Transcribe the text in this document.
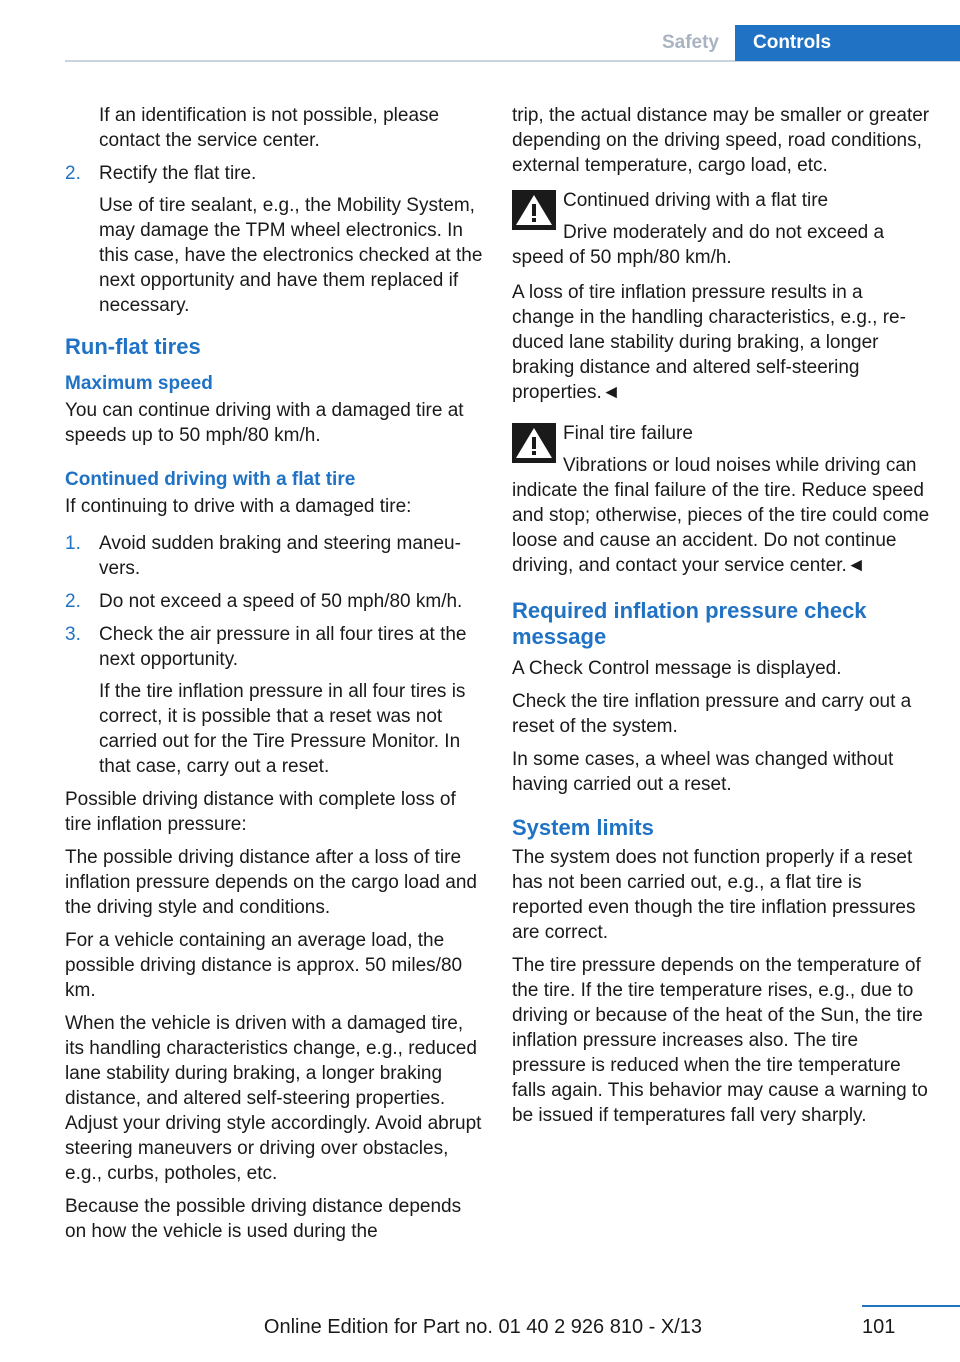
Safety	Controls

If an identification is not possible, please contact the service center.

2. Rectify the flat tire.

Use of tire sealant, e.g., the Mobility System, may damage the TPM wheel electronics. In this case, have the electronics checked at the next opportunity and have them replaced if necessary.

Run-flat tires
Maximum speed

You can continue driving with a damaged tire at speeds up to 50 mph/80 km/h.

Continued driving with a flat tire

If continuing to drive with a damaged tire:

1. Avoid sudden braking and steering maneuvers.

2. Do not exceed a speed of 50 mph/80 km/h.

3. Check the air pressure in all four tires at the next opportunity.

If the tire inflation pressure in all four tires is correct, it is possible that a reset was not carried out for the Tire Pressure Monitor. In that case, carry out a reset.

Possible driving distance with complete loss of tire inflation pressure:

The possible driving distance after a loss of tire inflation pressure depends on the cargo load and the driving style and conditions.

For a vehicle containing an average load, the possible driving distance is approx. 50 miles/80 km.

When the vehicle is driven with a damaged tire, its handling characteristics change, e.g., reduced lane stability during braking, a longer braking distance, and altered self-steering properties. Adjust your driving style accordingly. Avoid abrupt steering maneuvers or driving over obstacles, e.g., curbs, potholes, etc.

Because the possible driving distance depends on how the vehicle is used during the

trip, the actual distance may be smaller or greater depending on the driving speed, road conditions, external temperature, cargo load, etc.

Continued driving with a flat tire
Drive moderately and do not exceed a speed of 50 mph/80 km/h.

A loss of tire inflation pressure results in a change in the handling characteristics, e.g., reduced lane stability during braking, a longer braking distance and altered self-steering properties.◄

Final tire failure
Vibrations or loud noises while driving can indicate the final failure of the tire. Reduce speed and stop; otherwise, pieces of the tire could come loose and cause an accident. Do not continue driving, and contact your service center.◄
Required inflation pressure check message

A Check Control message is displayed.

Check the tire inflation pressure and carry out a reset of the system.

In some cases, a wheel was changed without having carried out a reset.

System limits

The system does not function properly if a reset has not been carried out, e.g., a flat tire is reported even though the tire inflation pressures are correct.

The tire pressure depends on the temperature of the tire. If the tire temperature rises, e.g., due to driving or because of the heat of the Sun, the tire inflation pressure increases also. The tire pressure is reduced when the tire temperature falls again. This behavior may cause a warning to be issued if temperatures fall very sharply.

Online Edition for Part no. 01 40 2 926 810 - X/13	101
